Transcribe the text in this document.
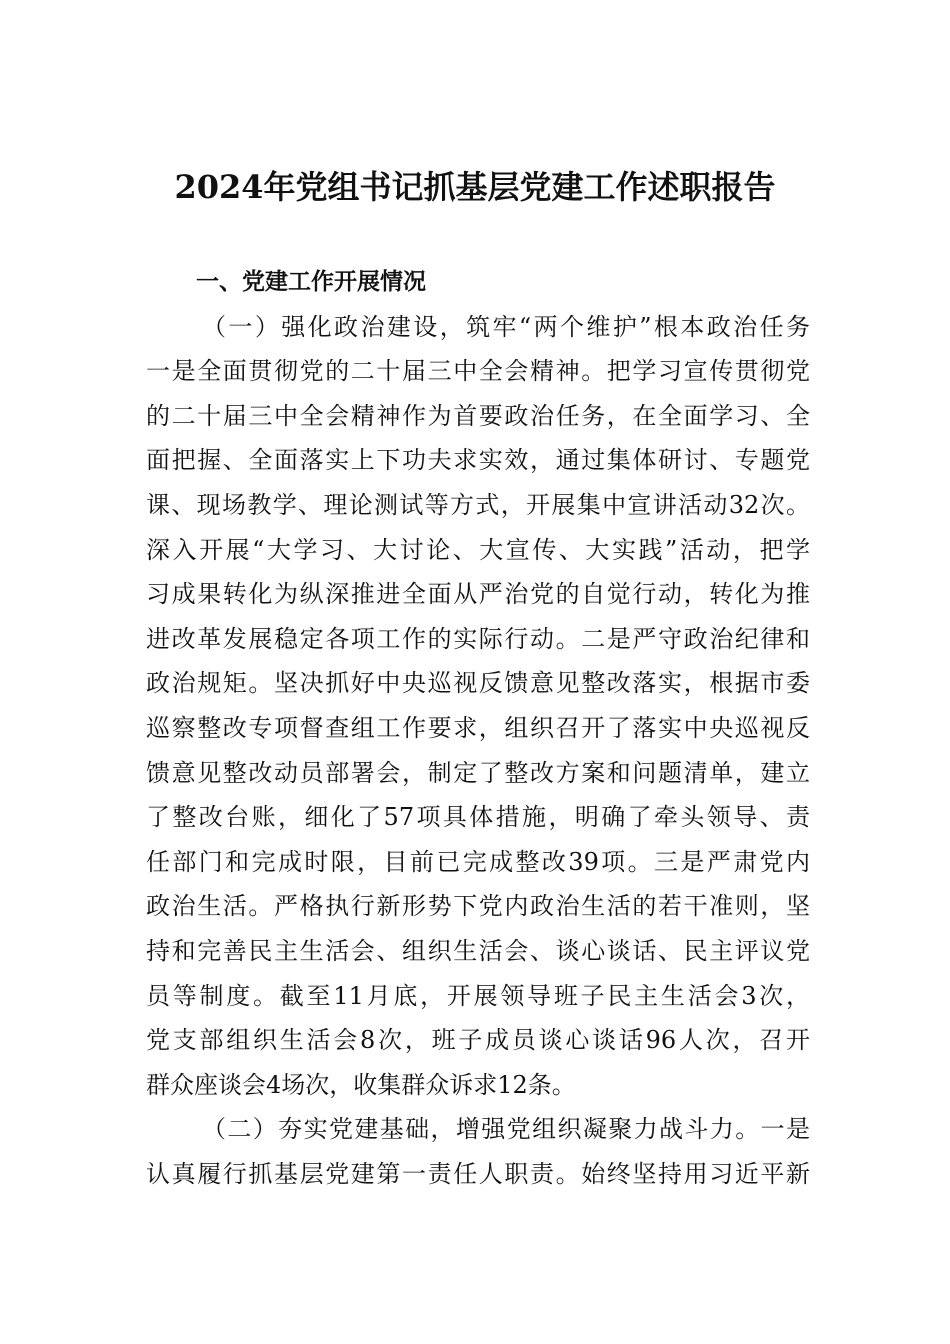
2024年党组书记抓基层党建工作述职报告
一、党建工作开展情况
（一）强化政治建设，筑牢“两个维护”根本政治任务
一是全面贯彻党的二十届三中全会精神。把学习宣传贯彻党
的二十届三中全会精神作为首要政治任务，在全面学习、全
面把握、全面落实上下功夫求实效，通过集体研讨、专题党
课、现场教学、理论测试等方式，开展集中宣讲活动32次。
深入开展“大学习、大讨论、大宣传、大实践”活动，把学
习成果转化为纵深推进全面从严治党的自觉行动，转化为推
进改革发展稳定各项工作的实际行动。二是严守政治纪律和
政治规矩。坚决抓好中央巡视反馈意见整改落实，根据市委
巡察整改专项督查组工作要求，组织召开了落实中央巡视反
馈意见整改动员部署会，制定了整改方案和问题清单，建立
了整改台账，细化了57项具体措施，明确了牵头领导、责
任部门和完成时限，目前已完成整改39项。三是严肃党内
政治生活。严格执行新形势下党内政治生活的若干准则，坚
持和完善民主生活会、组织生活会、谈心谈话、民主评议党
员等制度。截至11月底，开展领导班子民主生活会3次，
党支部组织生活会8次，班子成员谈心谈话96人次，召开
群众座谈会4场次，收集群众诉求12条。
（二）夯实党建基础，增强党组织凝聚力战斗力。一是
认真履行抓基层党建第一责任人职责。始终坚持用习近平新
